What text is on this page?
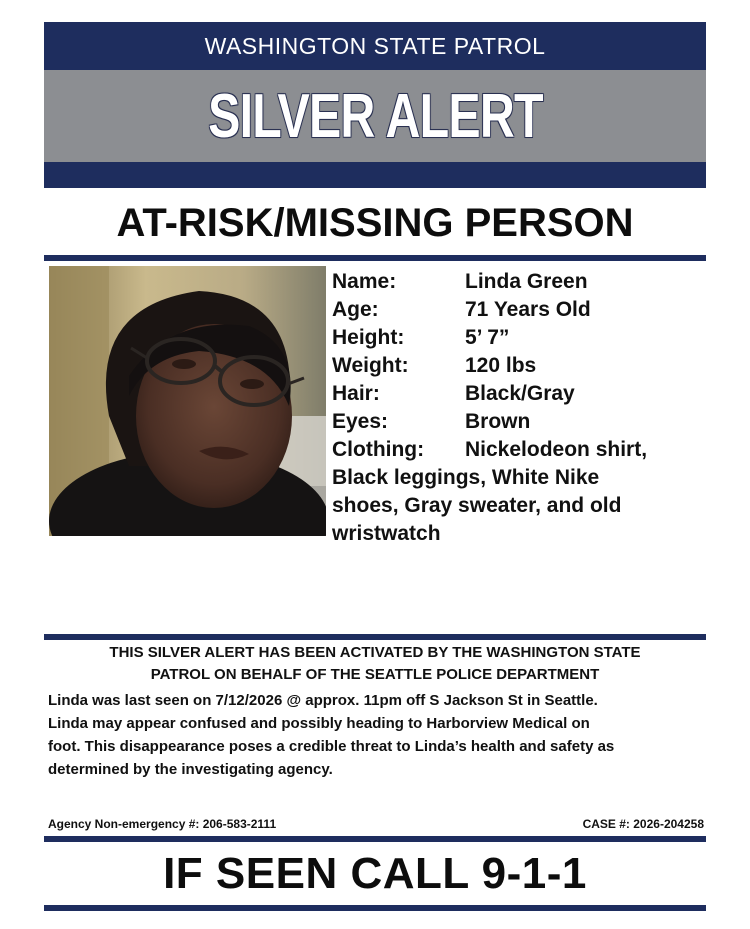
WASHINGTON STATE PATROL
SILVER ALERT
AT-RISK/MISSING PERSON
Name:	Linda Green
Age:	71 Years Old
Height:	5’ 7”
Weight:	120 lbs
Hair:	Black/Gray
Eyes:	Brown
Clothing:	Nickelodeon shirt,
Black leggings, White Nike
shoes, Gray sweater, and old
wristwatch
THIS SILVER ALERT HAS BEEN ACTIVATED BY THE WASHINGTON STATE
PATROL ON BEHALF OF THE SEATTLE POLICE DEPARTMENT
Linda was last seen on 7/12/2026 @ approx. 11pm off S Jackson St in Seattle.
Linda may appear confused and possibly heading to Harborview Medical on
foot. This disappearance poses a credible threat to Linda’s health and safety as
determined by the investigating agency.
Agency Non-emergency #: 206-583-2111	CASE #: 2026-204258
IF SEEN CALL 9-1-1
